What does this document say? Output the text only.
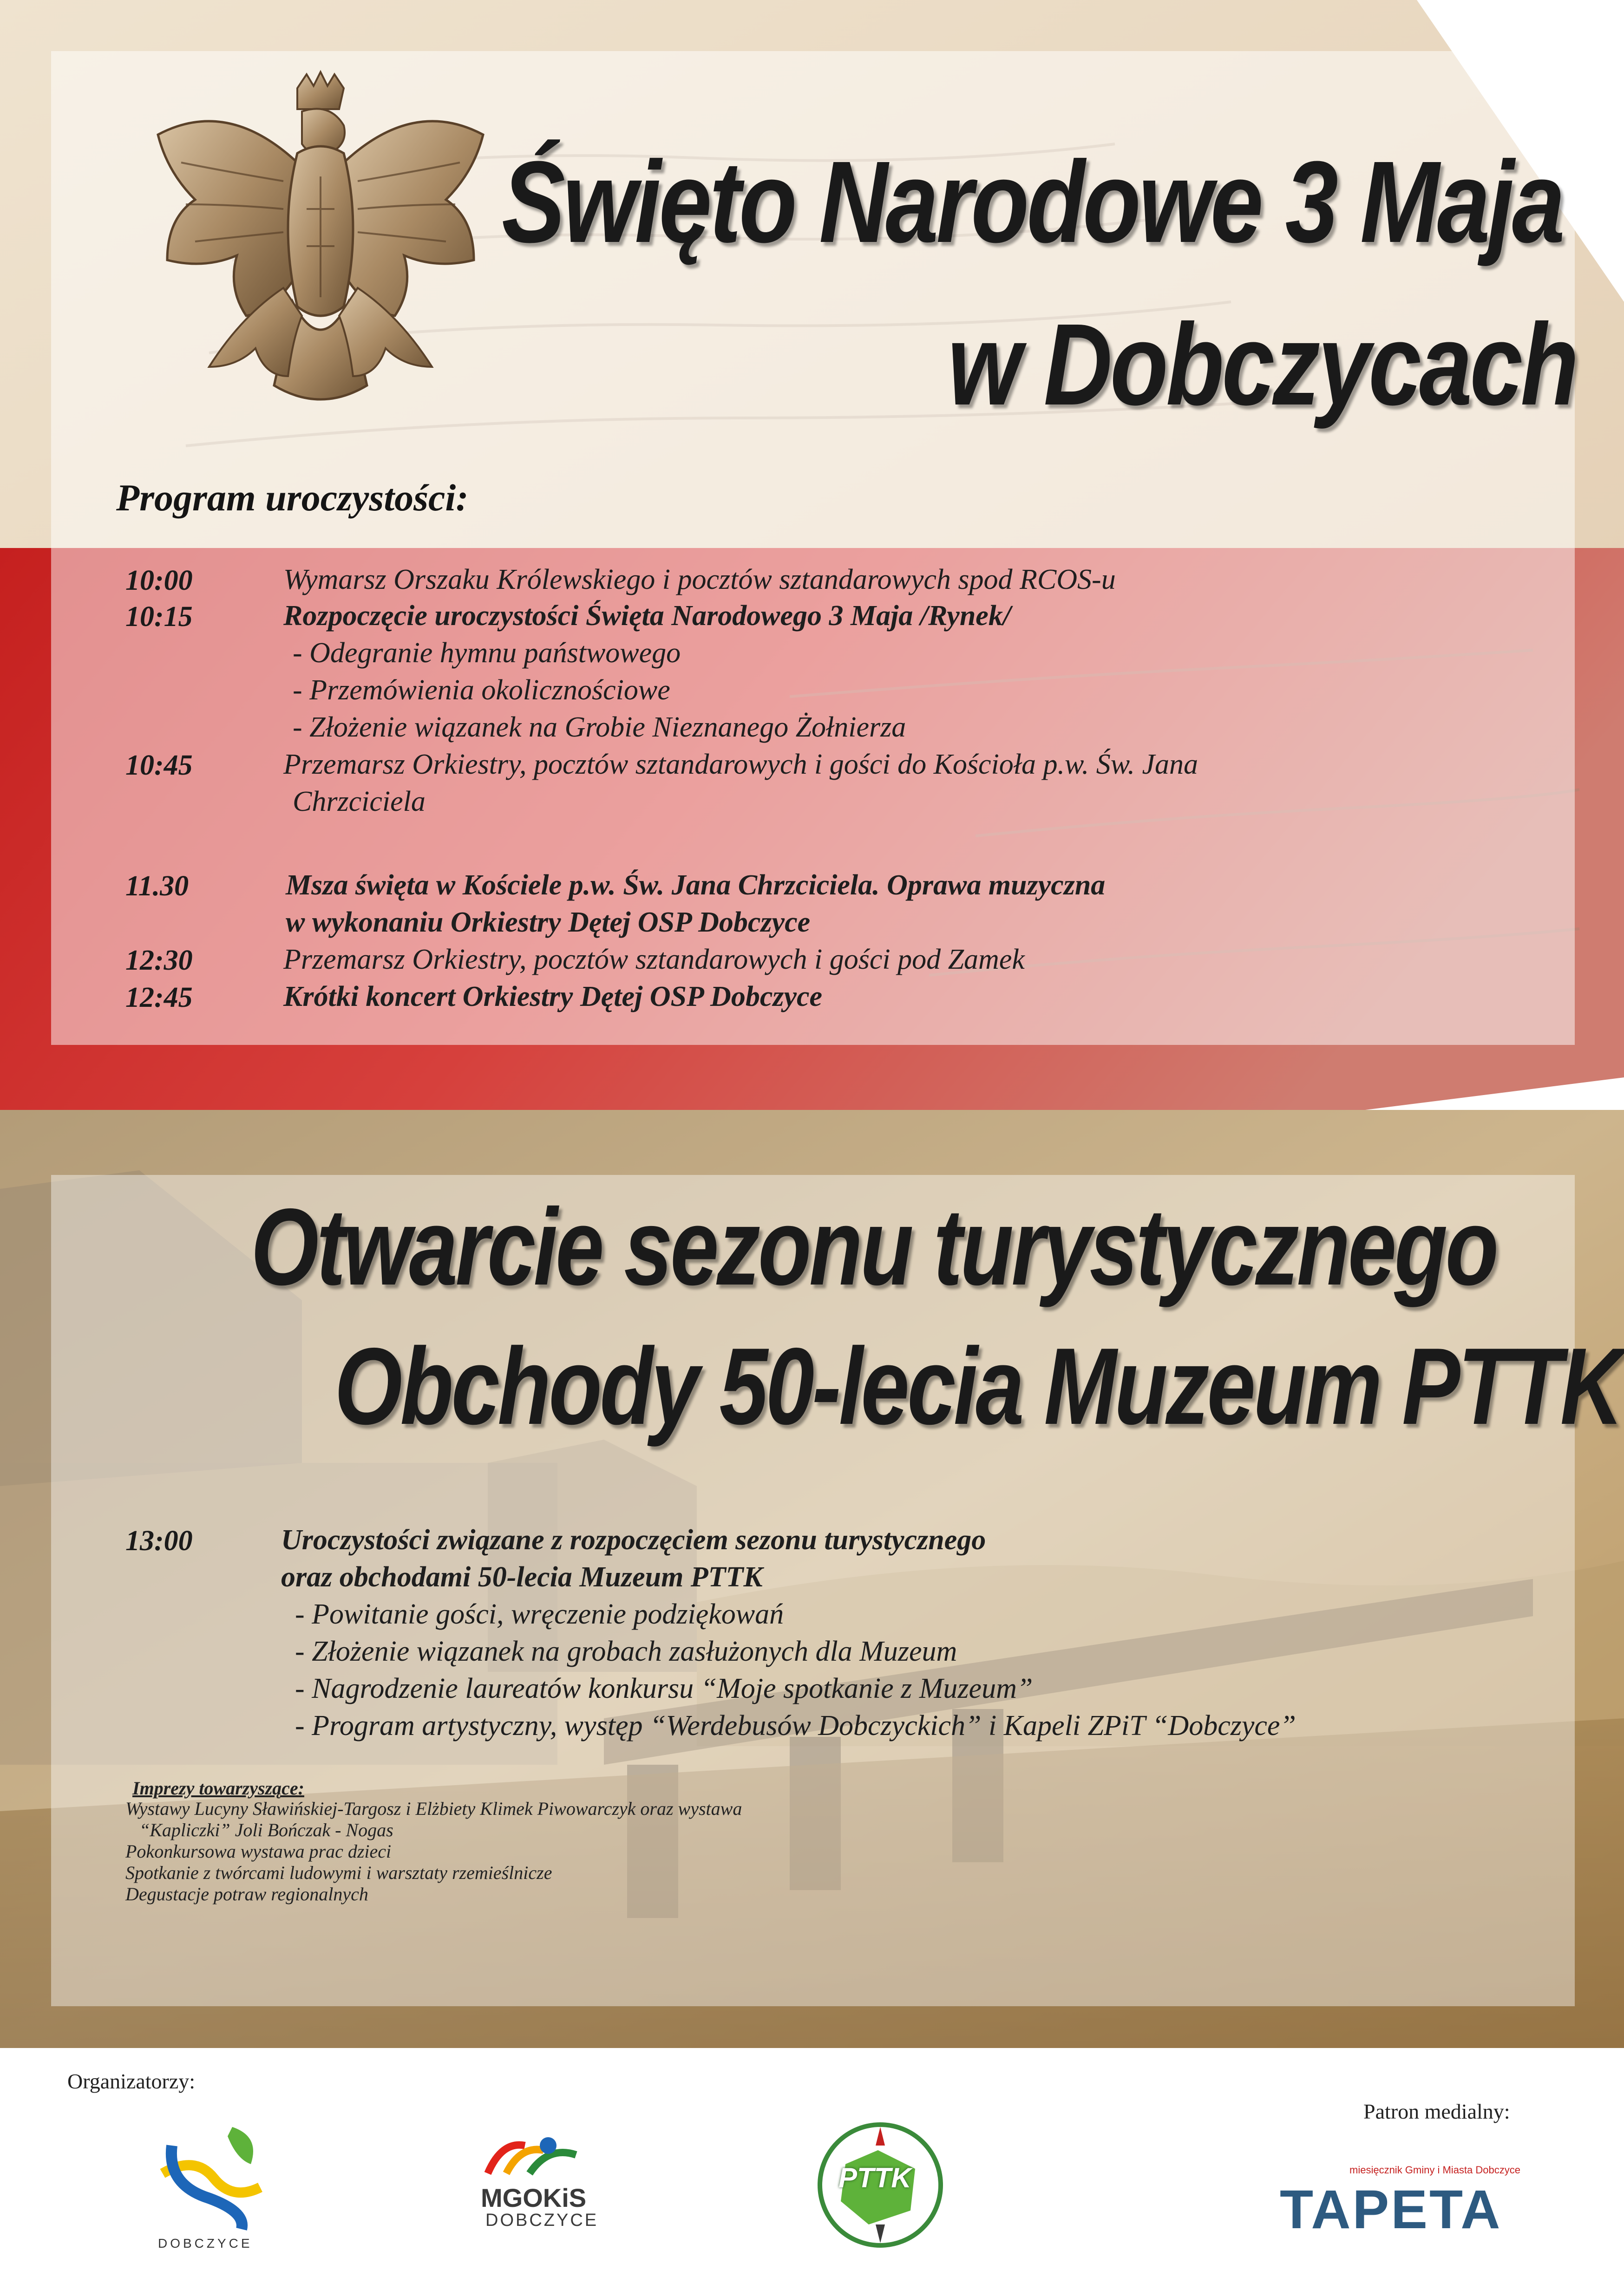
Święto Narodowe 3 Maja
w Dobczycach
Program uroczystości:
10:00	Wymarsz Orszaku Królewskiego i pocztów sztandarowych spod RCOS-u
10:15	Rozpoczęcie uroczystości Święta Narodowego 3 Maja /Rynek/
- Odegranie hymnu państwowego
- Przemówienia okolicznościowe
- Złożenie wiązanek na Grobie Nieznanego Żołnierza
10:45	Przemarsz Orkiestry, pocztów sztandarowych i gości do Kościoła p.w. Św. Jana
Chrzciciela
11.30	Msza święta w Kościele p.w. Św. Jana Chrzciciela. Oprawa muzyczna
w wykonaniu Orkiestry Dętej OSP Dobczyce
12:30	Przemarsz Orkiestry, pocztów sztandarowych i gości pod Zamek
12:45	Krótki koncert Orkiestry Dętej OSP Dobczyce
Otwarcie sezonu turystycznego
Obchody 50-lecia Muzeum PTTK
13:00	Uroczystości związane z rozpoczęciem sezonu turystycznego
oraz obchodami 50-lecia Muzeum PTTK
- Powitanie gości, wręczenie podziękowań
- Złożenie wiązanek na grobach zasłużonych dla Muzeum
- Nagrodzenie laureatów konkursu “Moje spotkanie z Muzeum”
- Program artystyczny, występ “Werdebusów Dobczyckich” i Kapeli ZPiT “Dobczyce”
Imprezy towarzyszące:
Wystawy Lucyny Sławińskiej-Targosz i Elżbiety Klimek Piwowarczyk oraz wystawa
“Kapliczki” Joli Bończak - Nogas
Pokonkursowa wystawa prac dzieci
Spotkanie z twórcami ludowymi i warsztaty rzemieślnicze
Degustacje potraw regionalnych
Organizatorzy:
Patron medialny:
DOBCZYCE
MGOKiS
DOBCZYCE
PTTK	miesięcznik Gminy i Miasta Dobczyce
TAPETA
